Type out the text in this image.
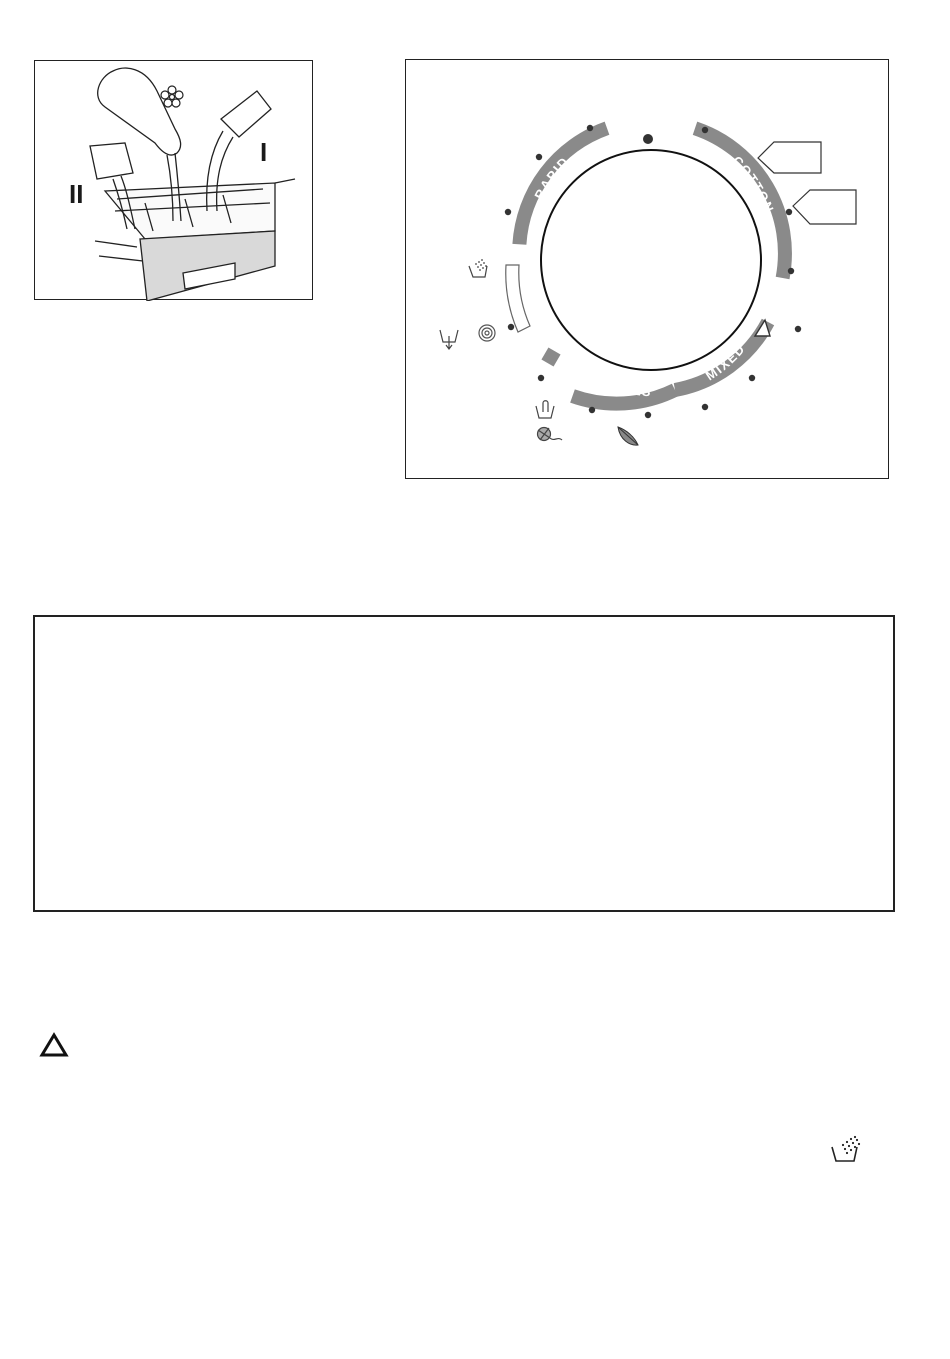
II
I
RAPID	COTTON
MIXED
DELICATES
